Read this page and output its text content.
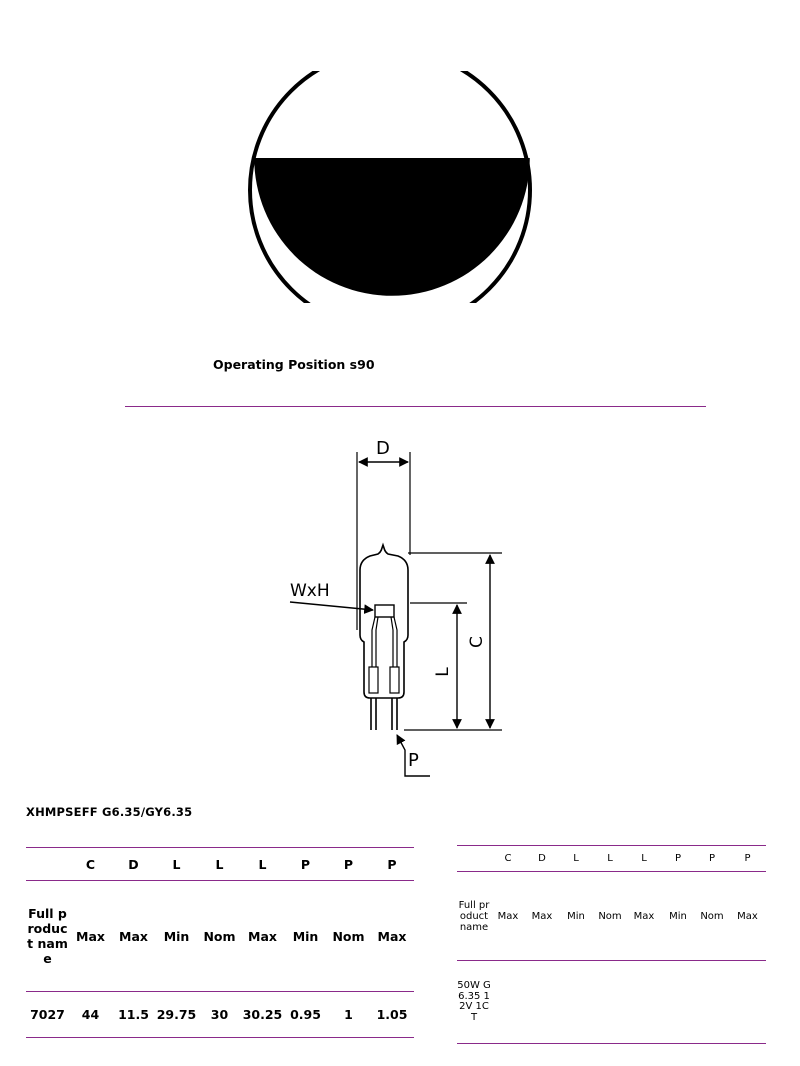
Operating Position s90
D
WxH
L
C
P
XHMPSEFF G6.35/GY6.35
	C	D	L	L	L	P	P	P
Full product name	Max	Max	Min	Nom	Max	Min	Nom	Max
7027	44	11.5	29.75	30	30.25	0.95	1	1.05
	C	D	L	L	L	P	P	P
Full product name	Max	Max	Min	Nom	Max	Min	Nom	Max
50W G6.35 12V 1CT								
